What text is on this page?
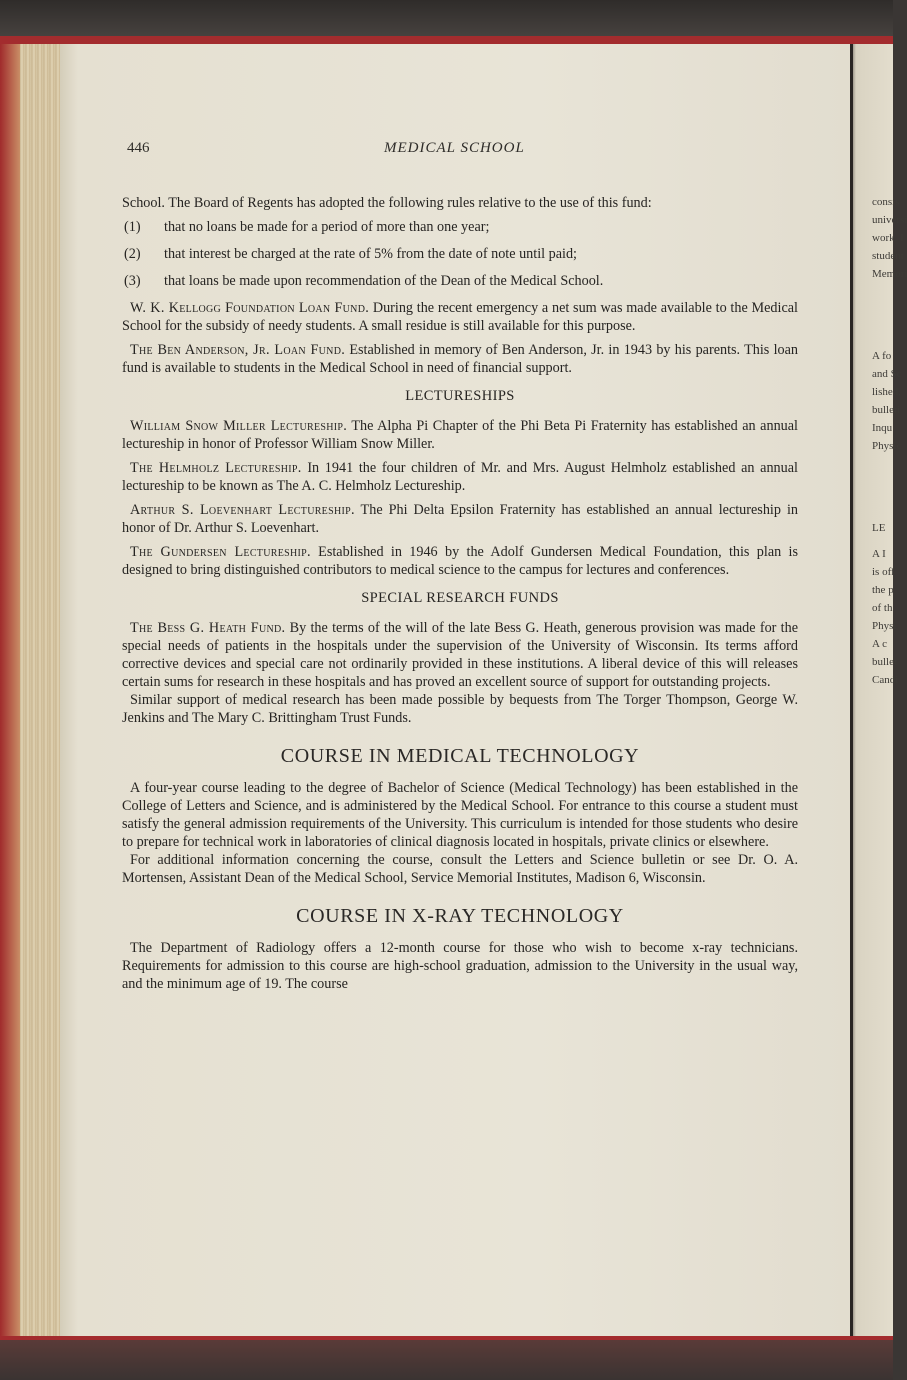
consis
universi
work. I
student
Memori
A fo
and Sc
lished,
bulleti
Inqu
Physic
LE
A I
is off
the p
of th
Physi
A c
bullet
Candi
446	MEDICAL SCHOOL

School. The Board of Regents has adopted the following rules relative to the use of this fund:

(1)	that no loans be made for a period of more than one year;
(2)	that interest be charged at the rate of 5% from the date of note until paid;
(3)	that loans be made upon recommendation of the Dean of the Medical School.

W. K. Kellogg Foundation Loan Fund. During the recent emergency a net sum was made available to the Medical School for the subsidy of needy students. A small residue is still available for this purpose.

The Ben Anderson, Jr. Loan Fund. Established in memory of Ben Anderson, Jr. in 1943 by his parents. This loan fund is available to students in the Medical School in need of financial support.

LECTURESHIPS

William Snow Miller Lectureship. The Alpha Pi Chapter of the Phi Beta Pi Fraternity has established an annual lectureship in honor of Professor William Snow Miller.

The Helmholz Lectureship. In 1941 the four children of Mr. and Mrs. August Helmholz established an annual lectureship to be known as The A. C. Helmholz Lectureship.

Arthur S. Loevenhart Lectureship. The Phi Delta Epsilon Fraternity has established an annual lectureship in honor of Dr. Arthur S. Loevenhart.

The Gundersen Lectureship. Established in 1946 by the Adolf Gundersen Medical Foundation, this plan is designed to bring distinguished contributors to medical science to the campus for lectures and conferences.

SPECIAL RESEARCH FUNDS

The Bess G. Heath Fund. By the terms of the will of the late Bess G. Heath, generous provision was made for the special needs of patients in the hospitals under the supervision of the University of Wisconsin. Its terms afford corrective devices and special care not ordinarily provided in these institutions. A liberal device of this will releases certain sums for research in these hospitals and has proved an excellent source of support for outstanding projects.

Similar support of medical research has been made possible by bequests from The Torger Thompson, George W. Jenkins and The Mary C. Brittingham Trust Funds.

COURSE IN MEDICAL TECHNOLOGY

A four-year course leading to the degree of Bachelor of Science (Medical Technology) has been established in the College of Letters and Science, and is administered by the Medical School. For entrance to this course a student must satisfy the general admission requirements of the University. This curriculum is intended for those students who desire to prepare for technical work in laboratories of clinical diagnosis located in hospitals, private clinics or elsewhere.

For additional information concerning the course, consult the Letters and Science bulletin or see Dr. O. A. Mortensen, Assistant Dean of the Medical School, Service Memorial Institutes, Madison 6, Wisconsin.

COURSE IN X-RAY TECHNOLOGY

The Department of Radiology offers a 12-month course for those who wish to become x-ray technicians. Requirements for admission to this course are high-school graduation, admission to the University in the usual way, and the minimum age of 19. The course
